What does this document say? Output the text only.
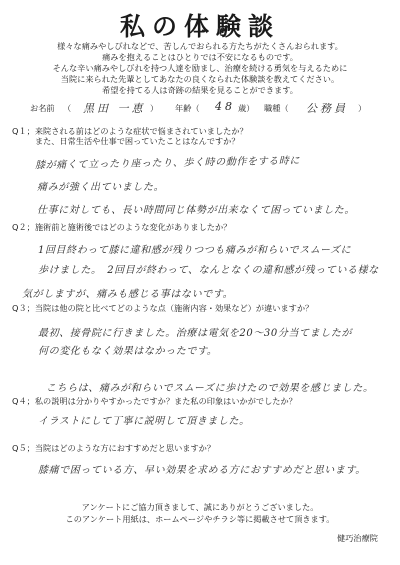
私の体験談
様々な痛みやしびれなどで、苦しんでおられる方たちがたくさんおられます。
痛みを抱えることはひとりでは不安になるものです。
そんな辛い痛みやしびれを持つ人達を励まし、治療を続ける勇気を与えるために
当院に来られた先輩としてあなたの良くなられた体験談を教えてください。
希望を持てる人は奇跡の結果を見ることができます。
お名前 （ 黒田 一恵 ） 年齢（ 48 歳） 職種（ 公務員 ）
Q１；来院される前はどのような症状で悩まされていましたか？
また、日常生活や仕事で困っていたことはなんですか？
膝が痛くて立ったり座ったり、歩く時の動作をする時に
痛みが強く出ていました。
仕事に対しても、長い時間同じ体勢が出来なくて困っていました。
Q２；施術前と施術後ではどのような変化がありましたか？
1回目終わって膝に違和感が残りつつも痛みが和らいでスムーズに
歩けました。　2回目が終わって、なんとなくの違和感が残っている様な
気がしますが、痛みも感じる事はないです。
Q３；当院は他の院と比べてどのような点（施術内容・効果など）が違いますか？
最初、接骨院に行きました。治療は電気を20～30分当てましたが
何の変化もなく効果はなかったです。
こちらは、痛みが和らいでスムーズに歩けたので効果を感じました。
Q４；私の説明は分かりやすかったですか？また私の印象はいかがでしたか？
イラストにして丁寧に説明して頂きました。
Q５；当院はどのような方におすすめだと思いますか？
膝痛で困っている方、早い効果を求める方におすすめだと思います。
アンケートにご協力頂きまして、誠にありがとうございました。
このアンケート用紙は、ホームページやチラシ等に掲載させて頂きます。
健巧治療院
